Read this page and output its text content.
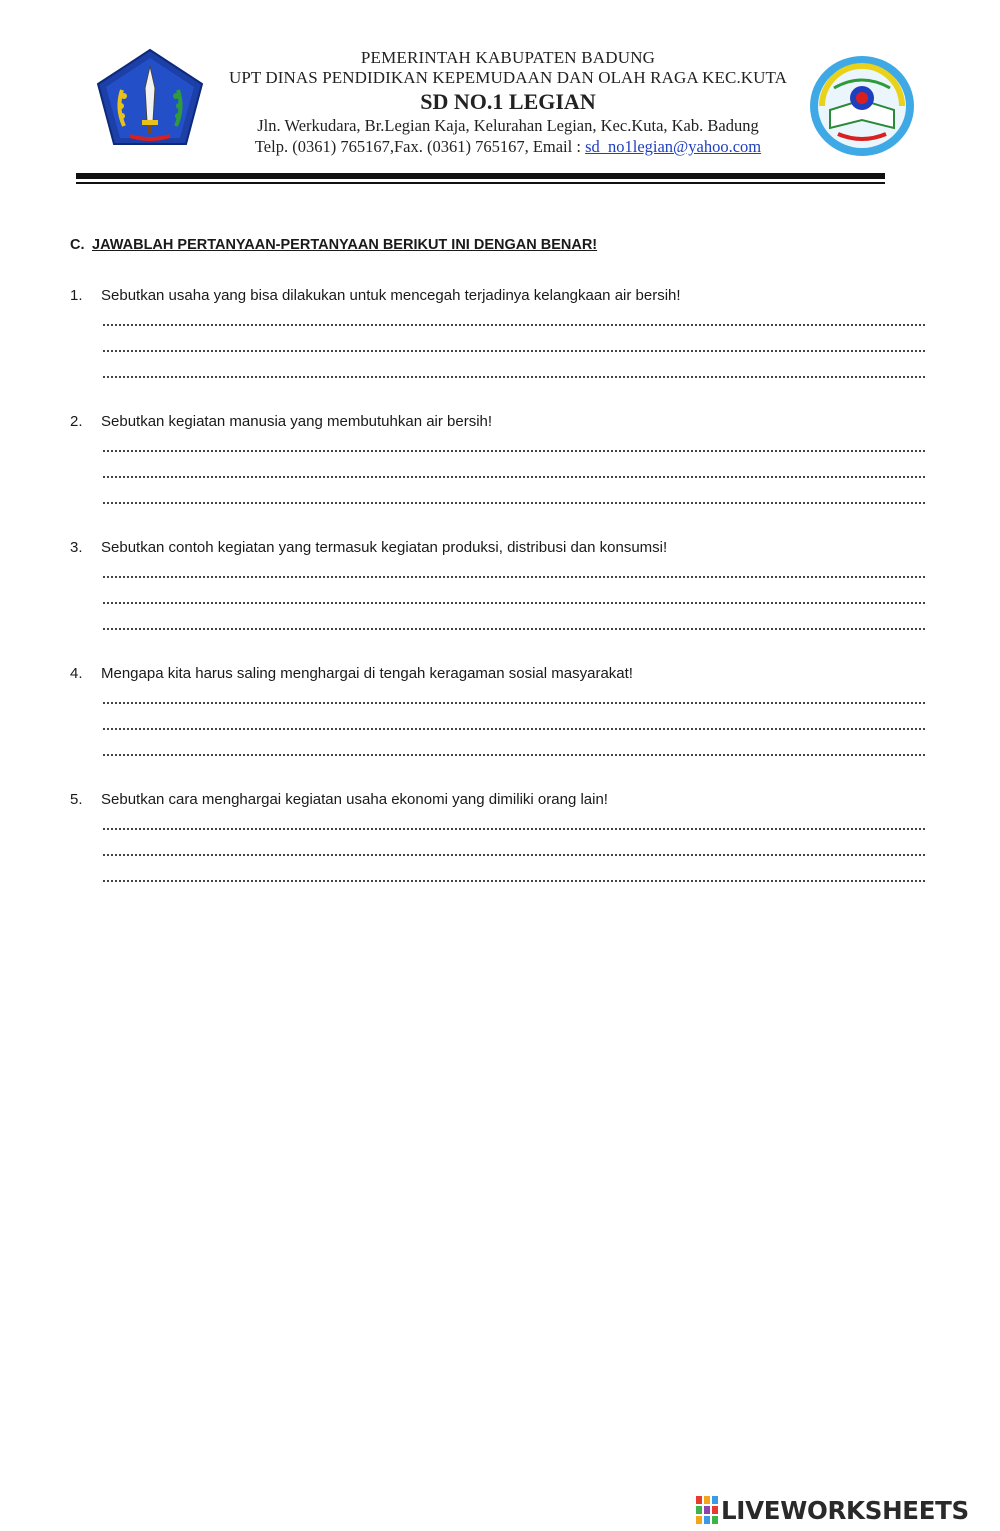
PEMERINTAH KABUPATEN BADUNG
UPT DINAS PENDIDIKAN KEPEMUDAAN DAN OLAH RAGA KEC.KUTA
SD NO.1 LEGIAN
Jln. Werkudara, Br.Legian Kaja, Kelurahan Legian, Kec.Kuta, Kab. Badung
Telp. (0361) 765167,Fax. (0361) 765167, Email : sd_no1legian@yahoo.com
C. JAWABLAH PERTANYAAN-PERTANYAAN BERIKUT INI DENGAN BENAR!
1. Sebutkan usaha yang bisa dilakukan untuk mencegah terjadinya kelangkaan air bersih!
2. Sebutkan kegiatan manusia yang membutuhkan air bersih!
3. Sebutkan contoh kegiatan yang termasuk kegiatan produksi, distribusi dan konsumsi!
4. Mengapa kita harus saling menghargai di tengah keragaman sosial masyarakat!
5. Sebutkan cara menghargai kegiatan usaha ekonomi yang dimiliki orang lain!
LIVEWORKSHEETS
